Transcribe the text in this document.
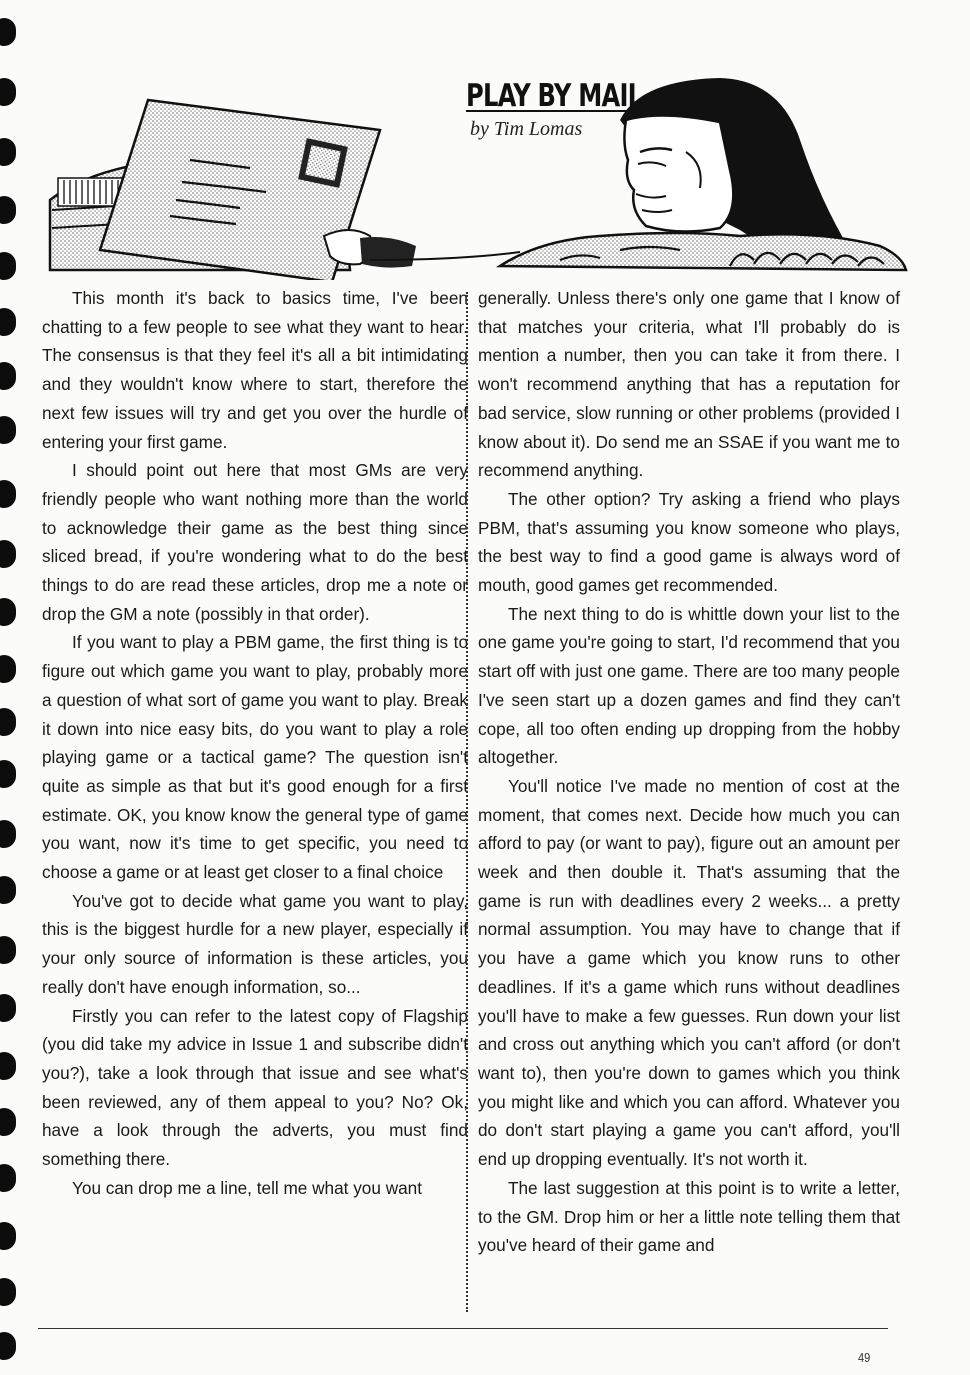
PLAY BY MAIL
by Tim Lomas

This month it's back to basics time, I've been chatting to a few people to see what they want to hear. The consensus is that they feel it's all a bit intimidating and they wouldn't know where to start, therefore the next few issues will try and get you over the hurdle of entering your first game.

I should point out here that most GMs are very friendly people who want nothing more than the world to acknowledge their game as the best thing since sliced bread, if you're wondering what to do the best things to do are read these articles, drop me a note or drop the GM a note (possibly in that order).

If you want to play a PBM game, the first thing is to figure out which game you want to play, probably more a question of what sort of game you want to play. Break it down into nice easy bits, do you want to play a role playing game or a tactical game? The question isn't quite as simple as that but it's good enough for a first estimate. OK, you know know the general type of game you want, now it's time to get specific, you need to choose a game or at least get closer to a final choice

You've got to decide what game you want to play, this is the biggest hurdle for a new player, especially if your only source of information is these articles, you really don't have enough information, so...

Firstly you can refer to the latest copy of Flagship (you did take my advice in Issue 1 and subscribe didn't you?), take a look through that issue and see what's been reviewed, any of them appeal to you? No? Ok, have a look through the adverts, you must find something there.

You can drop me a line, tell me what you want

generally. Unless there's only one game that I know of that matches your criteria, what I'll probably do is mention a number, then you can take it from there. I won't recommend anything that has a reputation for bad service, slow running or other problems (provided I know about it). Do send me an SSAE if you want me to recommend anything.

The other option? Try asking a friend who plays PBM, that's assuming you know someone who plays, the best way to find a good game is always word of mouth, good games get recommended.

The next thing to do is whittle down your list to the one game you're going to start, I'd recommend that you start off with just one game. There are too many people I've seen start up a dozen games and find they can't cope, all too often ending up dropping from the hobby altogether.

You'll notice I've made no mention of cost at the moment, that comes next. Decide how much you can afford to pay (or want to pay), figure out an amount per week and then double it. That's assuming that the game is run with deadlines every 2 weeks... a pretty normal assumption. You may have to change that if you have a game which you know runs to other deadlines. If it's a game which runs without deadlines you'll have to make a few guesses. Run down your list and cross out anything which you can't afford (or don't want to), then you're down to games which you think you might like and which you can afford. Whatever you do don't start playing a game you can't afford, you'll end up dropping eventually. It's not worth it.

The last suggestion at this point is to write a letter, to the GM. Drop him or her a little note telling them that you've heard of their game and

49
